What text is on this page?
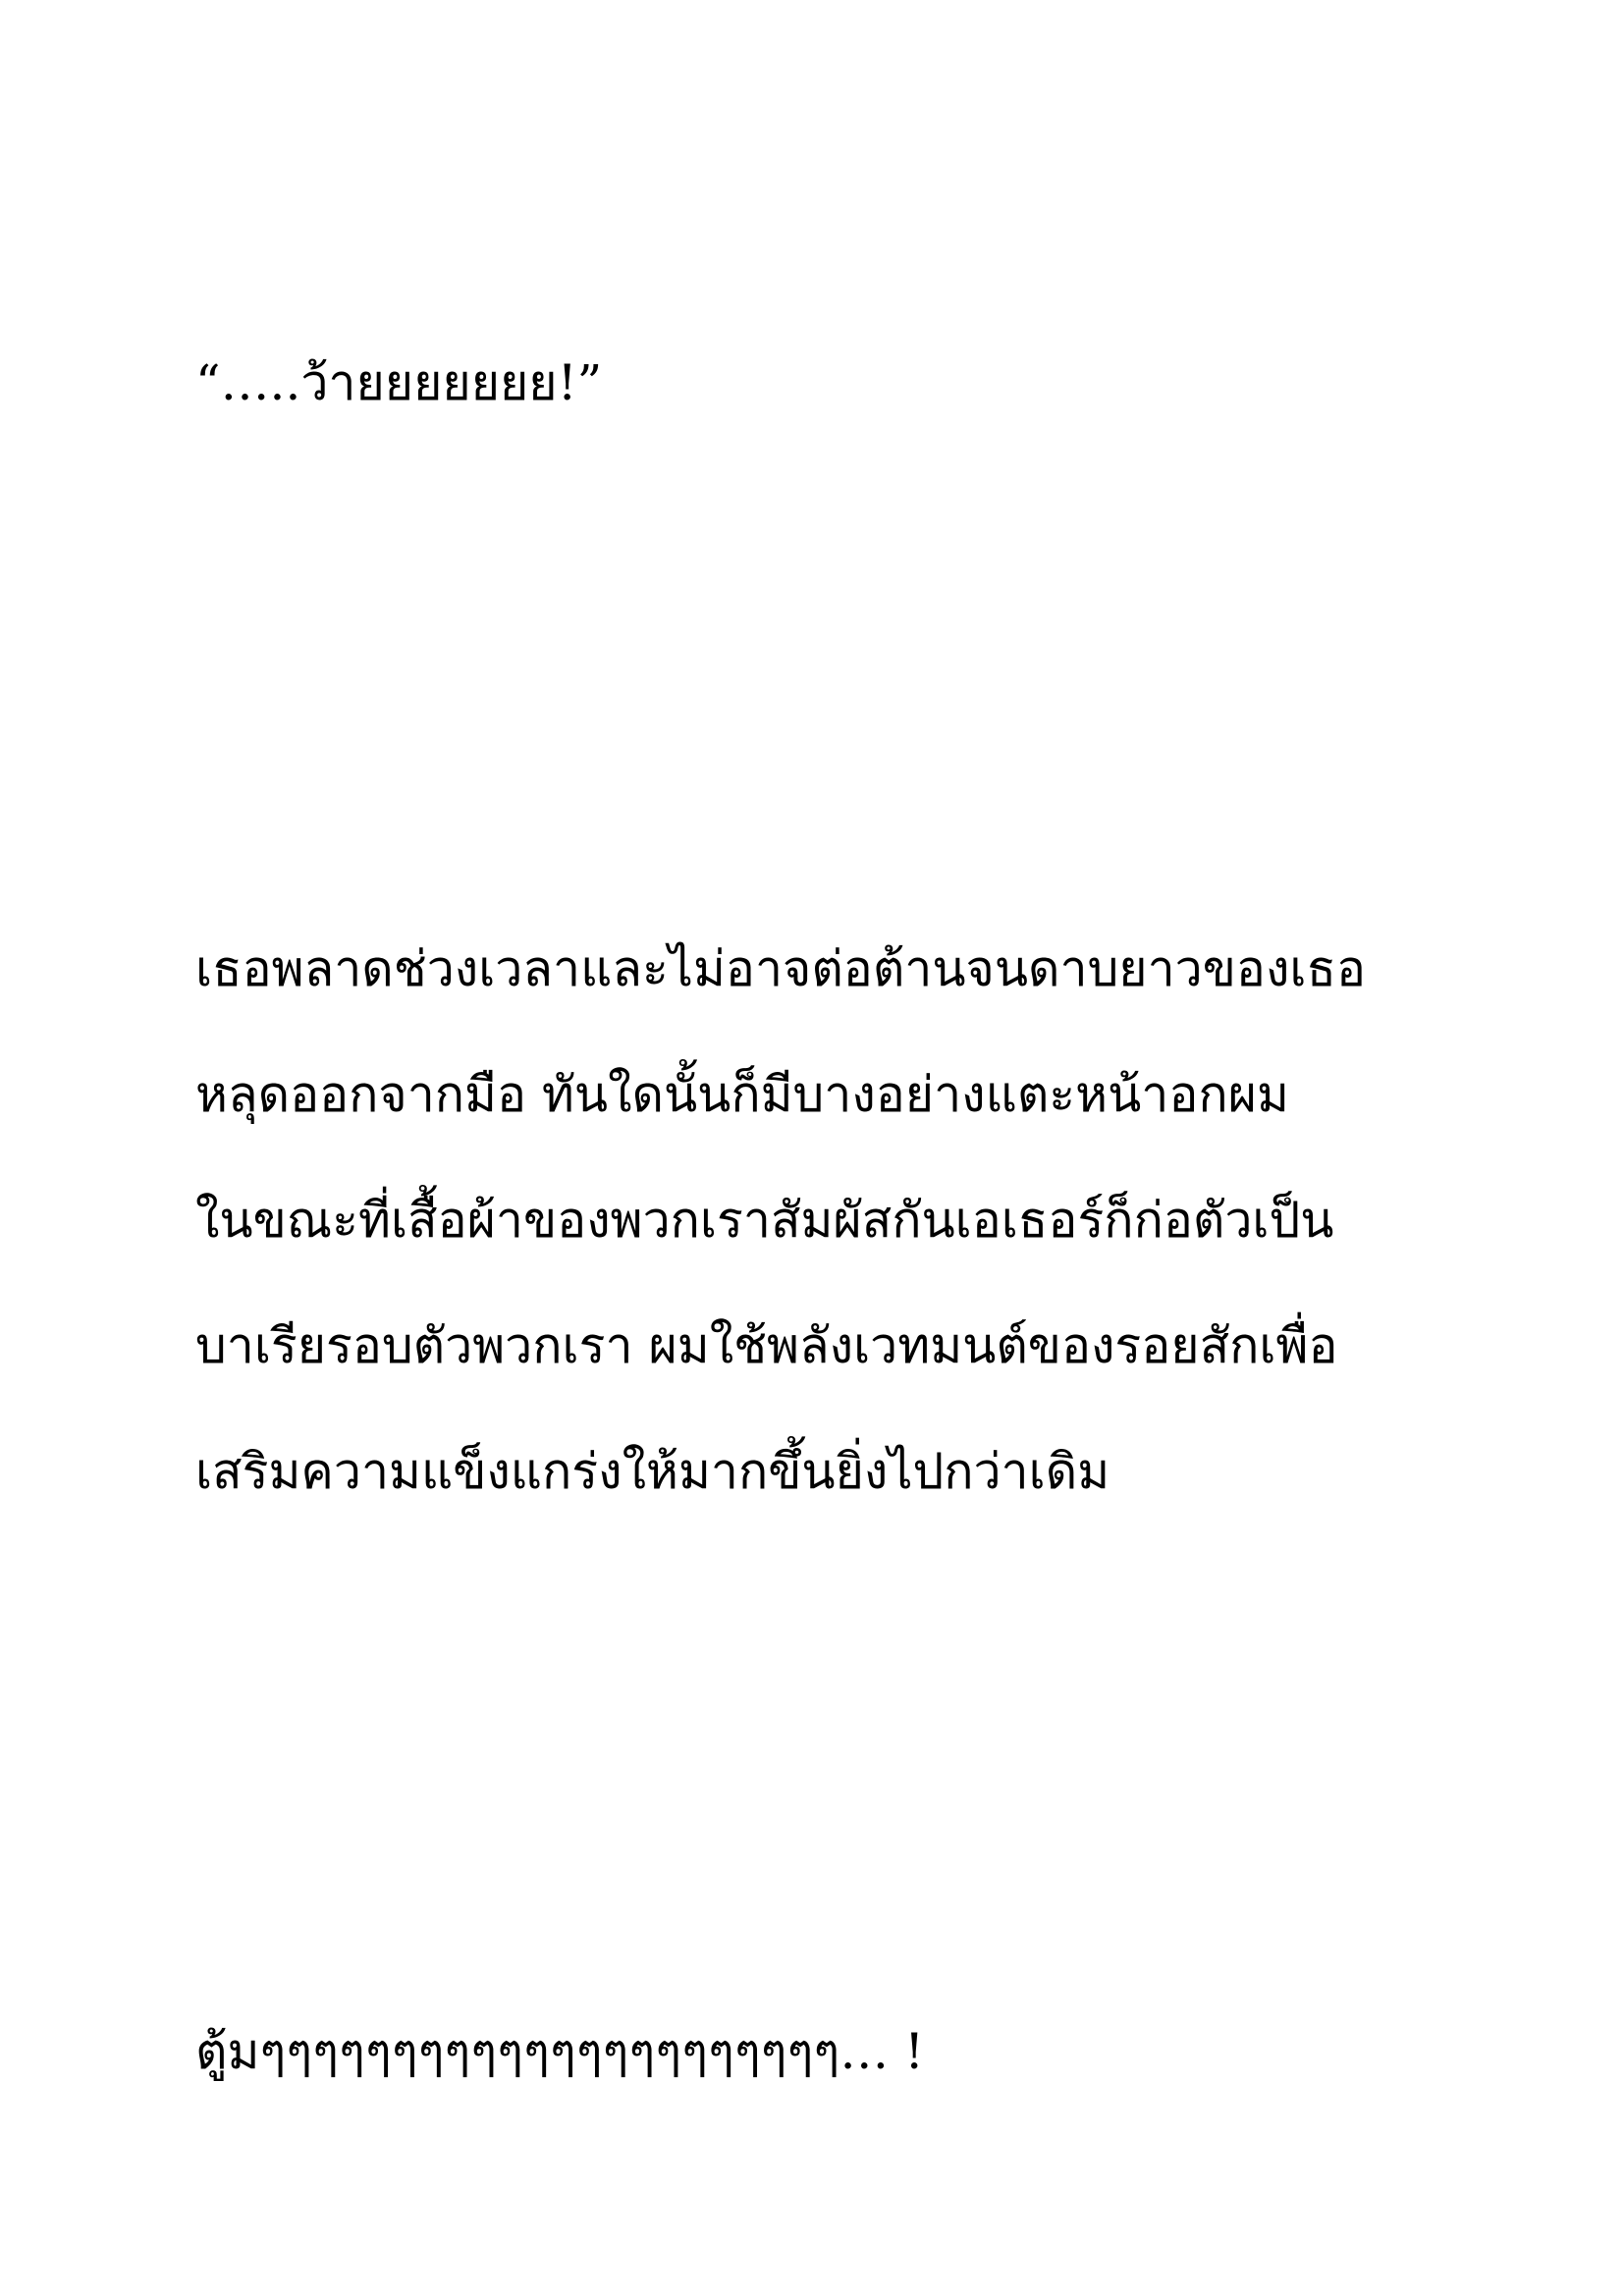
“…..ว้ายยยยยยย!”
เธอพลาดช่วงเวลาและไม่อาจต่อต้านจนดาบยาวของเธอ
หลุดออกจากมือ ทันใดนั้นก็มีบางอย่างแตะหน้าอกผม
ในขณะที่เสื้อผ้าของพวกเราสัมผัสกันเอเธอร์ก็ก่อตัวเป็น
บาเรียรอบตัวพวกเรา ผมใช้พลังเวทมนต์ของรอยสักเพื่อ
เสริมความแข็งแกร่งให้มากขึ้นยิ่งไปกว่าเดิม
ตู้มๆๆๆๆๆๆๆๆๆๆๆๆๆๆๆๆๆๆๆๆๆๆ… !
